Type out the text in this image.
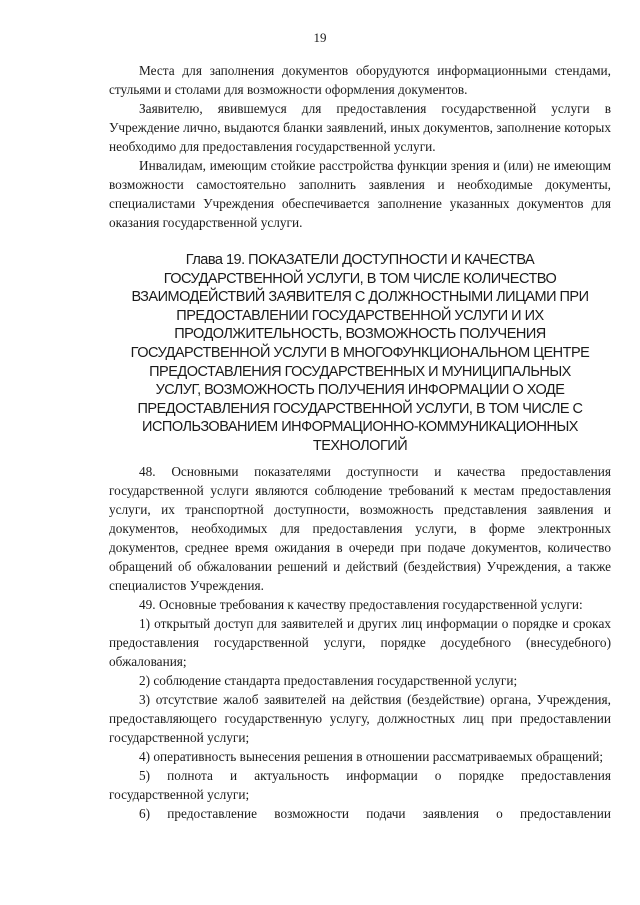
19

Места для заполнения документов оборудуются информационными стендами, стульями и столами для возможности оформления документов.

Заявителю, явившемуся для предоставления государственной услуги в Учреждение лично, выдаются бланки заявлений, иных документов, заполнение которых необходимо для предоставления государственной услуги.

Инвалидам, имеющим стойкие расстройства функции зрения и (или) не имеющим возможности самостоятельно заполнить заявления и необходимые документы, специалистами Учреждения обеспечивается заполнение указанных документов для оказания государственной услуги.

Глава 19. ПОКАЗАТЕЛИ ДОСТУПНОСТИ И КАЧЕСТВА
ГОСУДАРСТВЕННОЙ УСЛУГИ, В ТОМ ЧИСЛЕ КОЛИЧЕСТВО
ВЗАИМОДЕЙСТВИЙ ЗАЯВИТЕЛЯ С ДОЛЖНОСТНЫМИ ЛИЦАМИ ПРИ
ПРЕДОСТАВЛЕНИИ ГОСУДАРСТВЕННОЙ УСЛУГИ И ИХ
ПРОДОЛЖИТЕЛЬНОСТЬ, ВОЗМОЖНОСТЬ ПОЛУЧЕНИЯ
ГОСУДАРСТВЕННОЙ УСЛУГИ В МНОГОФУНКЦИОНАЛЬНОМ ЦЕНТРЕ
ПРЕДОСТАВЛЕНИЯ ГОСУДАРСТВЕННЫХ И МУНИЦИПАЛЬНЫХ
УСЛУГ, ВОЗМОЖНОСТЬ ПОЛУЧЕНИЯ ИНФОРМАЦИИ О ХОДЕ
ПРЕДОСТАВЛЕНИЯ ГОСУДАРСТВЕННОЙ УСЛУГИ, В ТОМ ЧИСЛЕ С
ИСПОЛЬЗОВАНИЕМ ИНФОРМАЦИОННО-КОММУНИКАЦИОННЫХ
ТЕХНОЛОГИЙ

48. Основными показателями доступности и качества предоставления государственной услуги являются соблюдение требований к местам предоставления услуги, их транспортной доступности, возможность представления заявления и документов, необходимых для предоставления услуги, в форме электронных документов, среднее время ожидания в очереди при подаче документов, количество обращений об обжаловании решений и действий (бездействия) Учреждения, а также специалистов Учреждения.

49. Основные требования к качеству предоставления государственной услуги:

1) открытый доступ для заявителей и других лиц информации о порядке и сроках предоставления государственной услуги, порядке досудебного (внесудебного) обжалования;

2) соблюдение стандарта предоставления государственной услуги;

3) отсутствие жалоб заявителей на действия (бездействие) органа, Учреждения, предоставляющего государственную услугу, должностных лиц при предоставлении государственной услуги;

4) оперативность вынесения решения в отношении рассматриваемых обращений;

5) полнота и актуальность информации о порядке предоставления государственной услуги;

6) предоставление возможности подачи заявления о предоставлении
